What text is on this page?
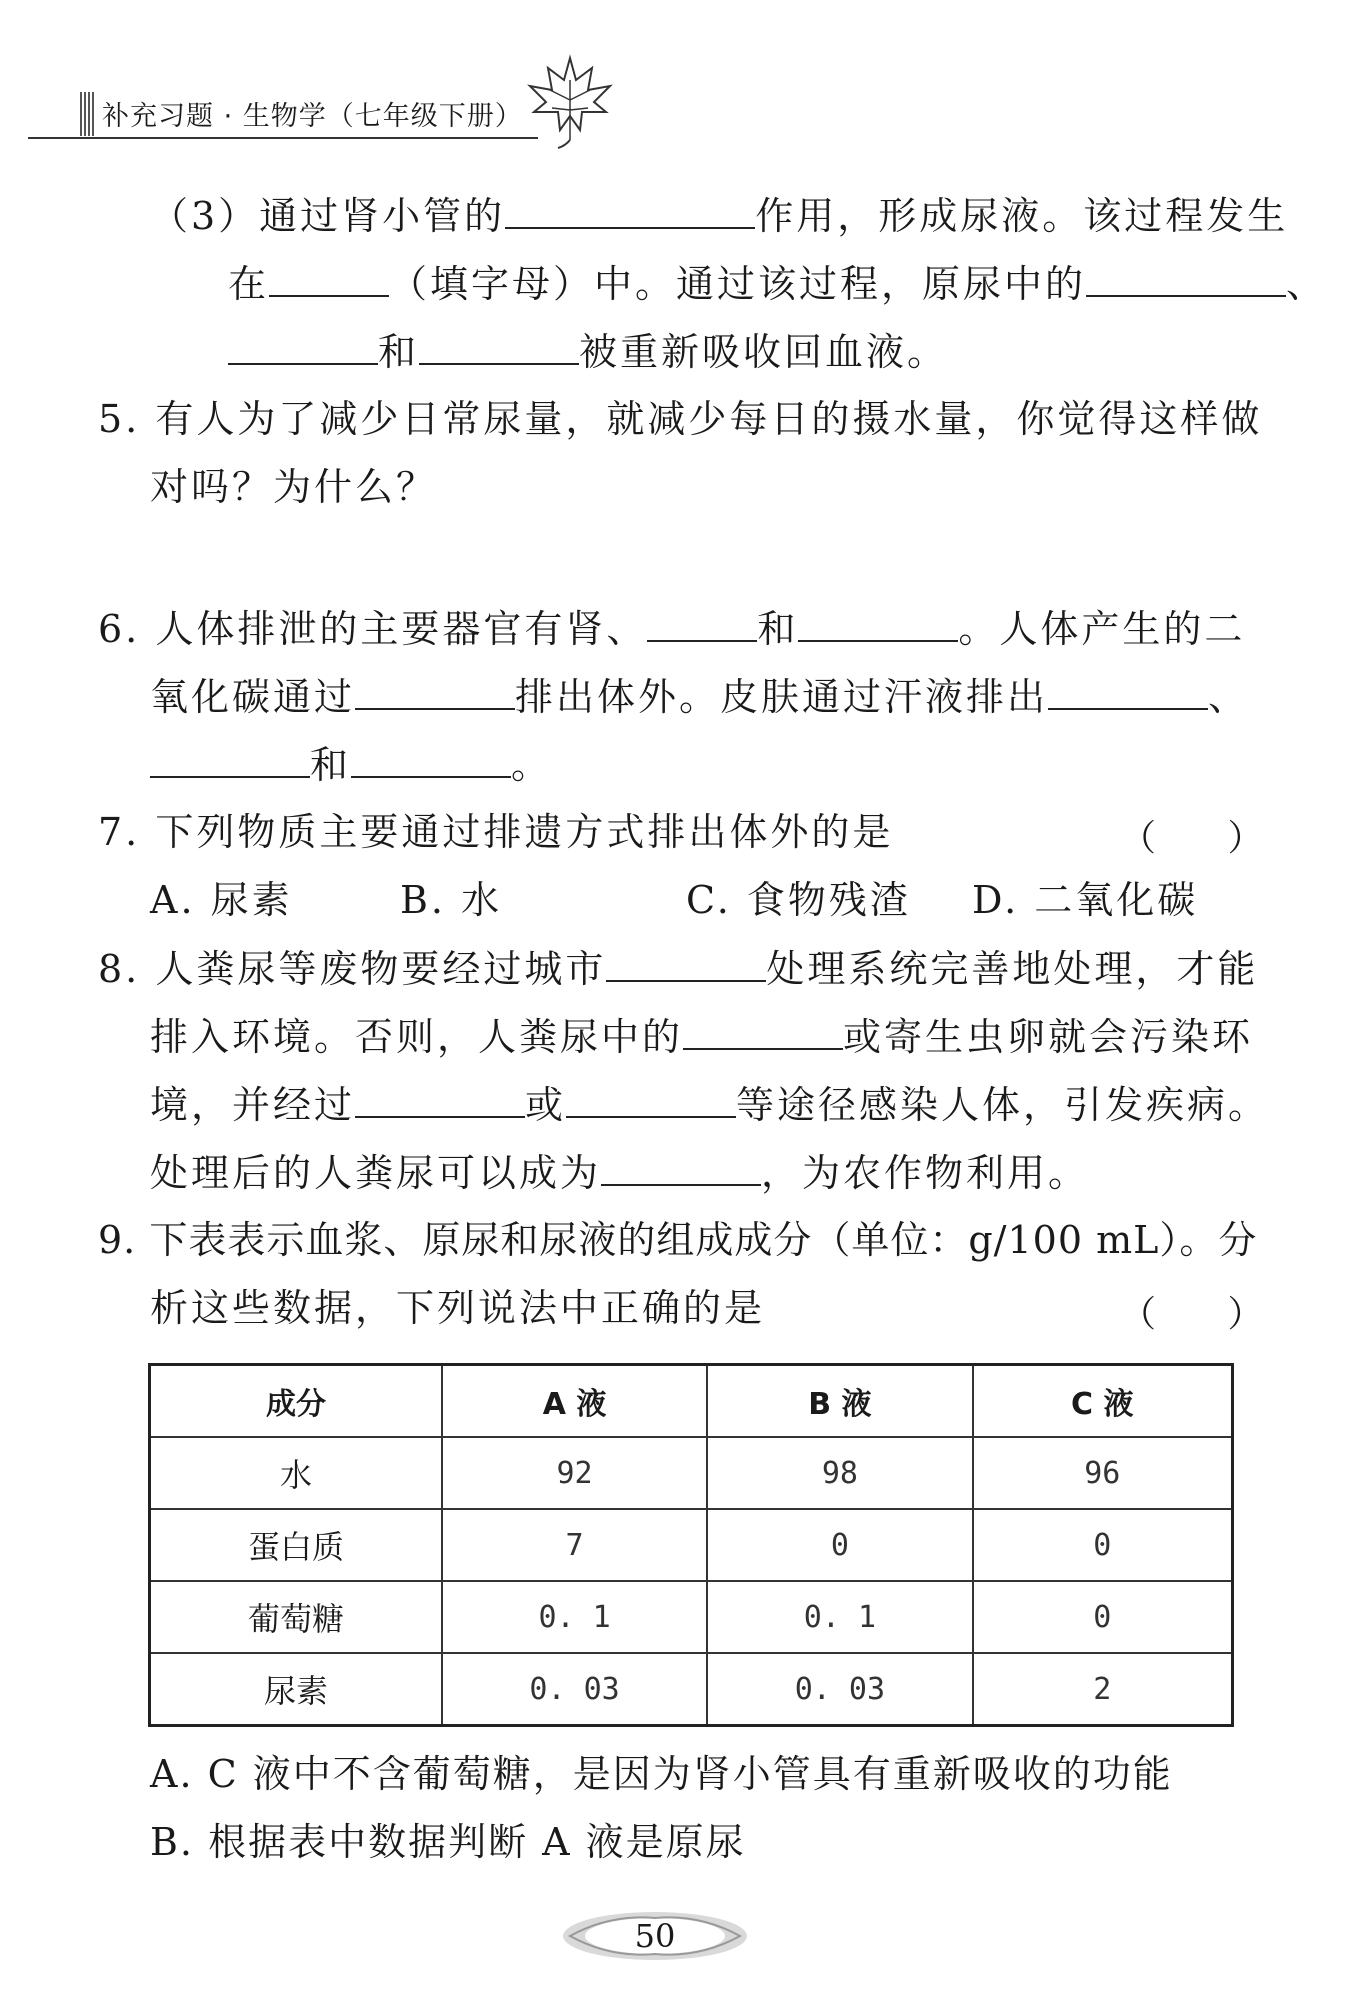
补充习题 · 生物学（七年级下册）
（3）通过肾小管的	作用，形成尿液。该过程发生
在	（填字母）中。通过该过程，原尿中的	、
和	被重新吸收回血液。
5. 有人为了减少日常尿量，就减少每日的摄水量，你觉得这样做
对吗？为什么？
6. 人体排泄的主要器官有肾、	和	。人体产生的二
氧化碳通过	排出体外。皮肤通过汗液排出	、
和	。
7. 下列物质主要通过排遗方式排出体外的是	（ ）
A. 尿素	B. 水	C. 食物残渣 D. 二氧化碳
8. 人粪尿等废物要经过城市	处理系统完善地处理，才能
排入环境。否则，人粪尿中的	或寄生虫卵就会污染环
境，并经过	或	等途径感染人体，引发疾病。
处理后的人粪尿可以成为	，为农作物利用。
9. 下表表示血浆、原尿和尿液的组成成分（单位：g/100 mL）。分
析这些数据，下列说法中正确的是	（ ）
成分	A 液	B 液	C 液
水	92	98	96
蛋白质	7	0	0
葡萄糖	0. 1	0. 1	0
尿素	0. 03	0. 03	2
A. C 液中不含葡萄糖，是因为肾小管具有重新吸收的功能
B. 根据表中数据判断 A 液是原尿
50
